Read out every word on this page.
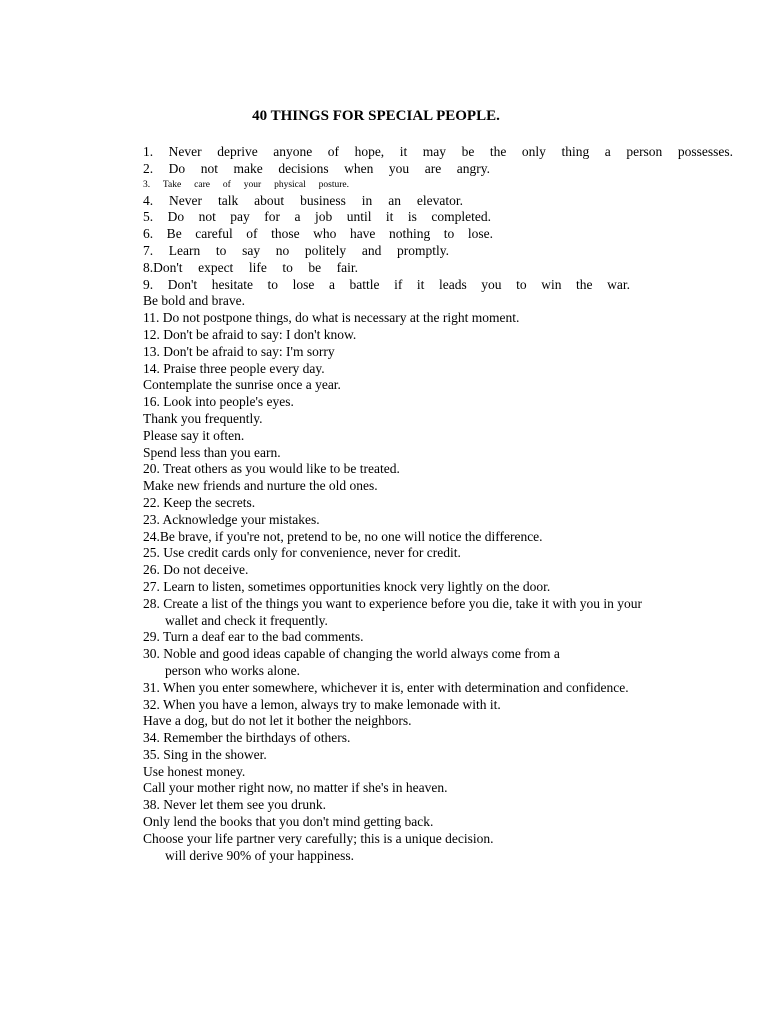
40 THINGS FOR SPECIAL PEOPLE.
1. Never deprive anyone of hope, it may be the only thing a person possesses.
2. Do not make decisions when you are angry.
3. Take care of your physical posture.
4. Never talk about business in an elevator.
5. Do not pay for a job until it is completed.
6. Be careful of those who have nothing to lose.
7. Learn to say no politely and promptly.
8.Don't expect life to be fair.
9. Don't hesitate to lose a battle if it leads you to win the war.
Be bold and brave.
11. Do not postpone things, do what is necessary at the right moment.
12. Don't be afraid to say: I don't know.
13. Don't be afraid to say: I'm sorry
14. Praise three people every day.
Contemplate the sunrise once a year.
16. Look into people's eyes.
Thank you frequently.
Please say it often.
Spend less than you earn.
20. Treat others as you would like to be treated.
Make new friends and nurture the old ones.
22. Keep the secrets.
23. Acknowledge your mistakes.
24.Be brave, if you're not, pretend to be, no one will notice the difference.
25. Use credit cards only for convenience, never for credit.
26. Do not deceive.
27. Learn to listen, sometimes opportunities knock very lightly on the door.
28. Create a list of the things you want to experience before you die, take it with you in your
wallet and check it frequently.
29. Turn a deaf ear to the bad comments.
30. Noble and good ideas capable of changing the world always come from a
person who works alone.
31. When you enter somewhere, whichever it is, enter with determination and confidence.
32. When you have a lemon, always try to make lemonade with it.
Have a dog, but do not let it bother the neighbors.
34. Remember the birthdays of others.
35. Sing in the shower.
Use honest money.
Call your mother right now, no matter if she's in heaven.
38. Never let them see you drunk.
Only lend the books that you don't mind getting back.
Choose your life partner very carefully; this is a unique decision.
will derive 90% of your happiness.
